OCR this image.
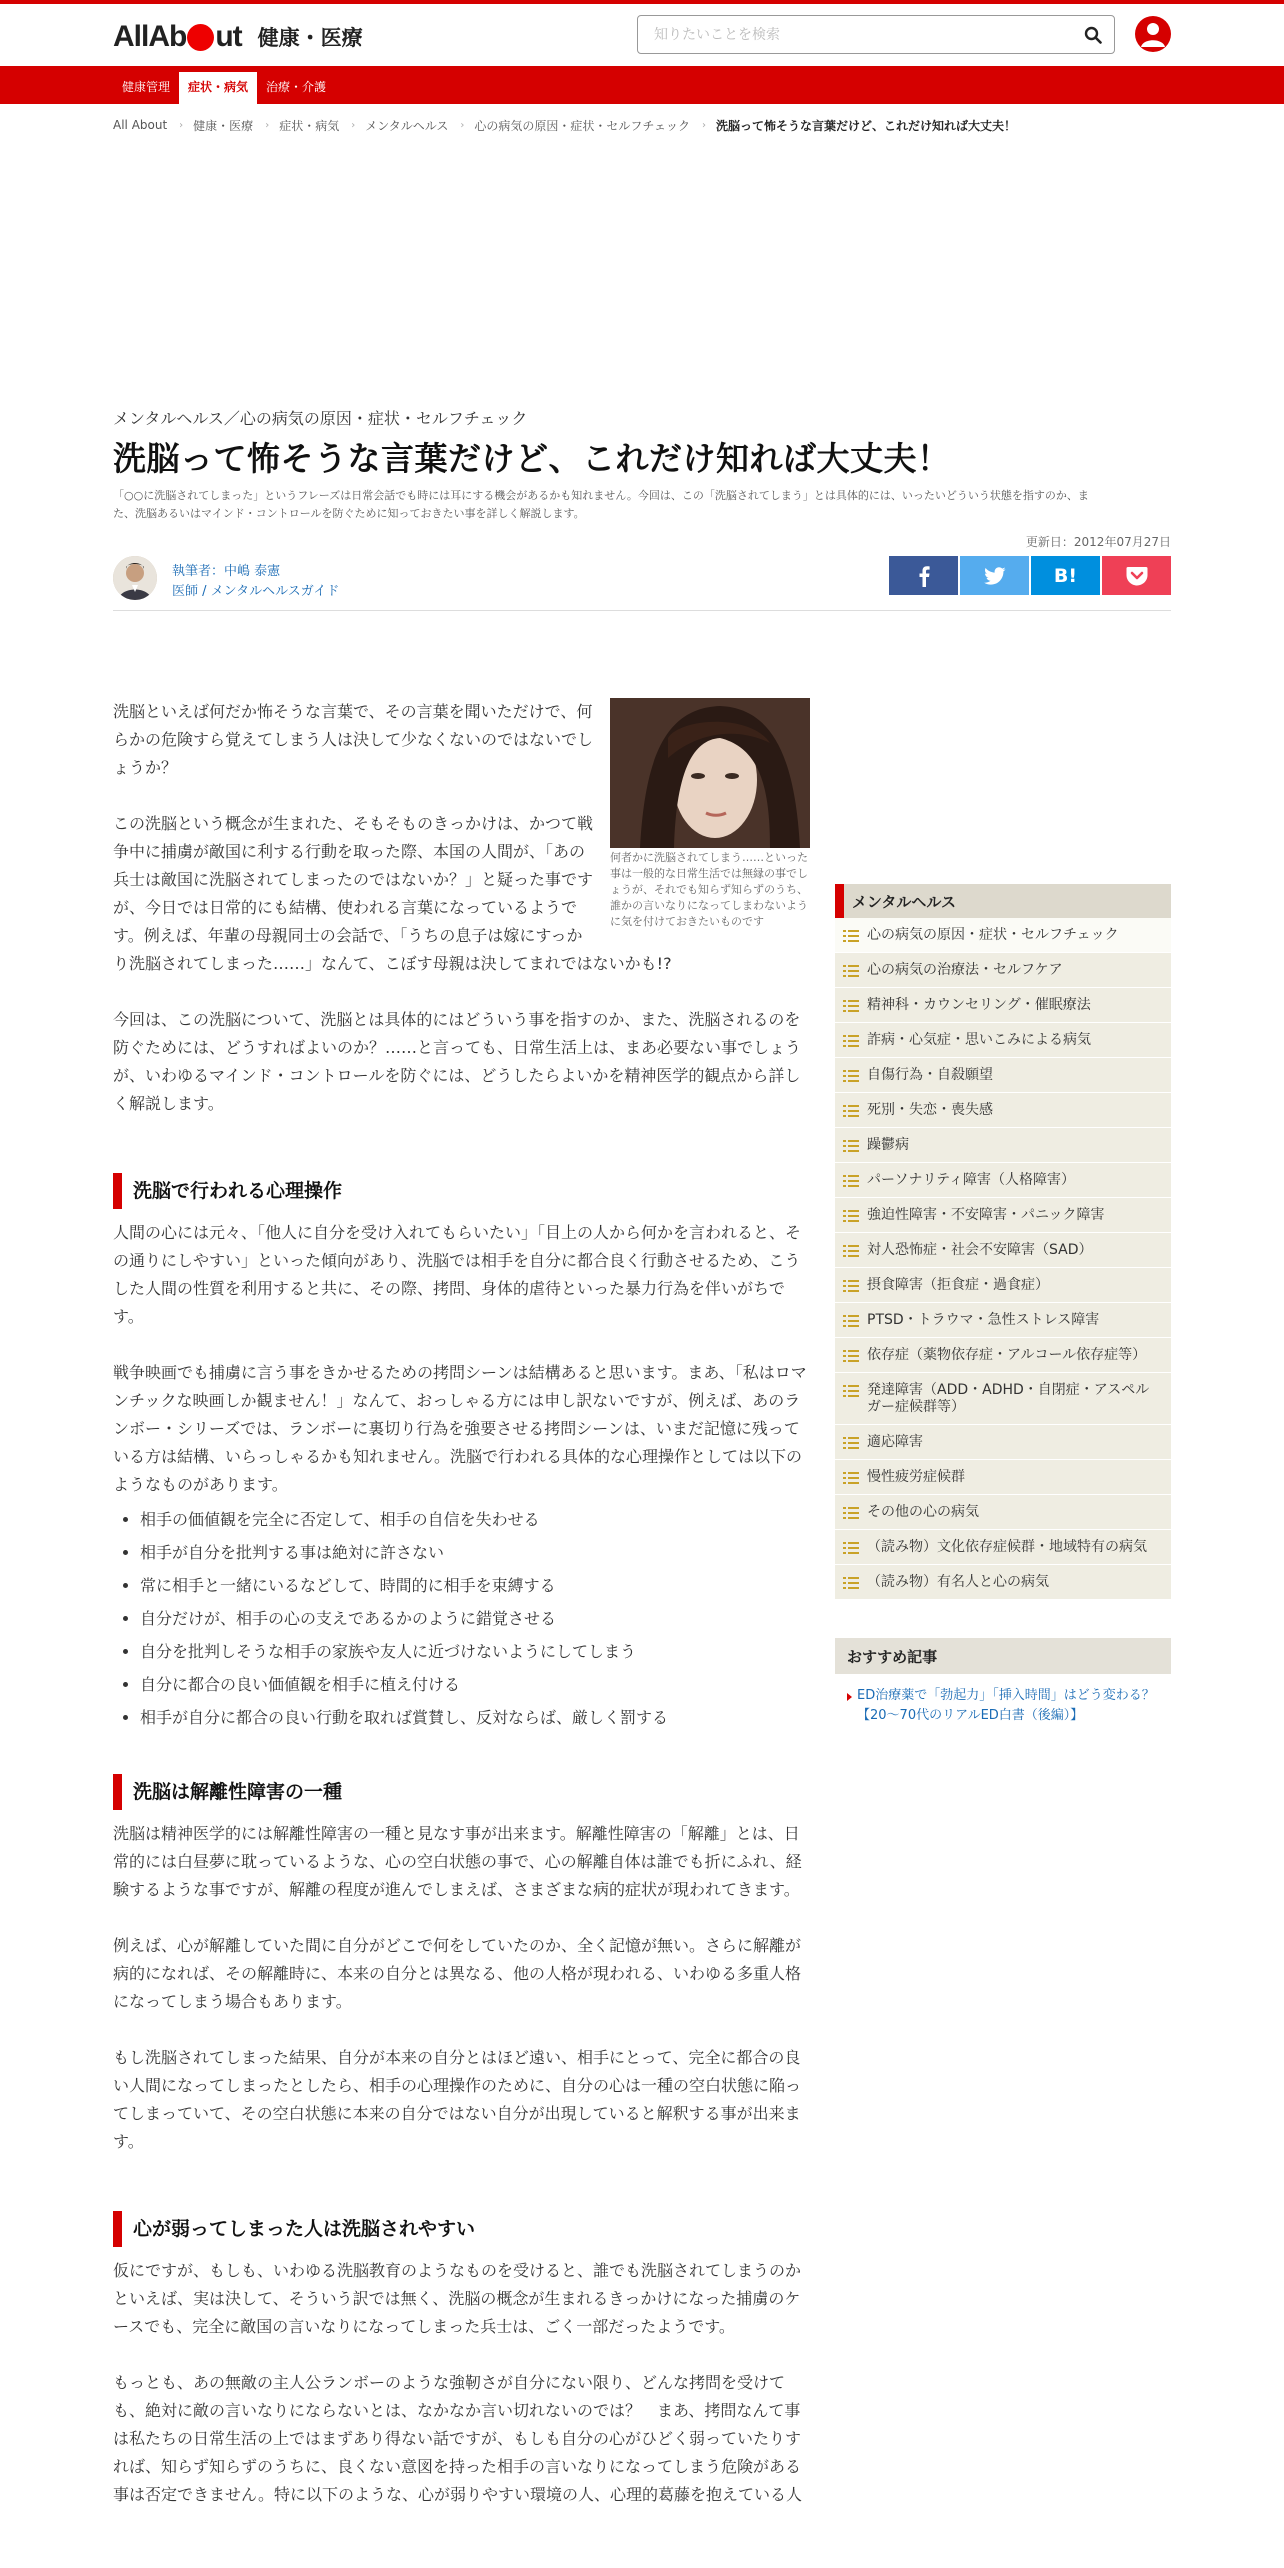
All Ab ut 健康・医療
知りたいことを検索
健康管理	症状・病気	治療・介護
All About › 健康・医療 › 症状・病気 › メンタルヘルス › 心の病気の原因・症状・セルフチェック › 洗脳って怖そうな言葉だけど、これだけ知れば大丈夫！
メンタルヘルス／心の病気の原因・症状・セルフチェック
洗脳って怖そうな言葉だけど、これだけ知れば大丈夫！
「○○に洗脳されてしまった」というフレーズは日常会話でも時には耳にする機会があるかも知れません。今回は、この「洗脳されてしまう」とは具体的には、いったいどういう状態を指すのか、ま
た、洗脳あるいはマインド・コントロールを防ぐために知っておきたい事を詳しく解説します。
更新日：2012年07月27日
執筆者：中嶋 泰憲
医師 / メンタルヘルスガイド
B!
何者かに洗脳されてしまう……といった事は一般的な日常生活では無縁の事でしょうが、それでも知らず知らずのうち、誰かの言いなりになってしまわないように気を付けておきたいものです

洗脳といえば何だか怖そうな言葉で、その言葉を聞いただけで、何らかの危険すら覚えてしまう人は決して少なくないのではないでしょうか？

この洗脳という概念が生まれた、そもそものきっかけは、かつて戦争中に捕虜が敵国に利する行動を取った際、本国の人間が、「あの兵士は敵国に洗脳されてしまったのではないか？」と疑った事ですが、今日では日常的にも結構、使われる言葉になっているようです。例えば、年輩の母親同士の会話で、「うちの息子は嫁にすっかり洗脳されてしまった……」なんて、こぼす母親は決してまれではないかも!?

今回は、この洗脳について、洗脳とは具体的にはどういう事を指すのか、また、洗脳されるのを防ぐためには、どうすればよいのか？……と言っても、日常生活上は、まあ必要ない事でしょうが、いわゆるマインド・コントロールを防ぐには、どうしたらよいかを精神医学的観点から詳しく解説します。

洗脳で行われる心理操作

人間の心には元々、「他人に自分を受け入れてもらいたい」「目上の人から何かを言われると、その通りにしやすい」といった傾向があり、洗脳では相手を自分に都合良く行動させるため、こうした人間の性質を利用すると共に、その際、拷問、身体的虐待といった暴力行為を伴いがちです。

戦争映画でも捕虜に言う事をきかせるための拷問シーンは結構あると思います。まあ、「私はロマンチックな映画しか観ません！」なんて、おっしゃる方には申し訳ないですが、例えば、あのランボー・シリーズでは、ランボーに裏切り行為を強要させる拷問シーンは、いまだ記憶に残っている方は結構、いらっしゃるかも知れません。洗脳で行われる具体的な心理操作としては以下のようなものがあります。

• 相手の価値観を完全に否定して、相手の自信を失わせる
• 相手が自分を批判する事は絶対に許さない
• 常に相手と一緒にいるなどして、時間的に相手を束縛する
• 自分だけが、相手の心の支えであるかのように錯覚させる
• 自分を批判しそうな相手の家族や友人に近づけないようにしてしまう
• 自分に都合の良い価値観を相手に植え付ける
• 相手が自分に都合の良い行動を取れば賞賛し、反対ならば、厳しく罰する
洗脳は解離性障害の一種

洗脳は精神医学的には解離性障害の一種と見なす事が出来ます。解離性障害の「解離」とは、日常的には白昼夢に耽っているような、心の空白状態の事で、心の解離自体は誰でも折にふれ、経験するような事ですが、解離の程度が進んでしまえば、さまざまな病的症状が現われてきます。

例えば、心が解離していた間に自分がどこで何をしていたのか、全く記憶が無い。さらに解離が病的になれば、その解離時に、本来の自分とは異なる、他の人格が現われる、いわゆる多重人格になってしまう場合もあります。

もし洗脳されてしまった結果、自分が本来の自分とはほど遠い、相手にとって、完全に都合の良い人間になってしまったとしたら、相手の心理操作のために、自分の心は一種の空白状態に陥ってしまっていて、その空白状態に本来の自分ではない自分が出現していると解釈する事が出来ます。

心が弱ってしまった人は洗脳されやすい

仮にですが、もしも、いわゆる洗脳教育のようなものを受けると、誰でも洗脳されてしまうのかといえば、実は決して、そういう訳では無く、洗脳の概念が生まれるきっかけになった捕虜のケースでも、完全に敵国の言いなりになってしまった兵士は、ごく一部だったようです。

もっとも、あの無敵の主人公ランボーのような強靭さが自分にない限り、どんな拷問を受けても、絶対に敵の言いなりにならないとは、なかなか言い切れないのでは？　まあ、拷問なんて事は私たちの日常生活の上ではまずあり得ない話ですが、もしも自分の心がひどく弱っていたりすれば、知らず知らずのうちに、良くない意図を持った相手の言いなりになってしまう危険がある事は否定できません。特に以下のような、心が弱りやすい環境の人、心理的葛藤を抱えている人

メンタルヘルス
心の病気の原因・症状・セルフチェック
心の病気の治療法・セルフケア
精神科・カウンセリング・催眠療法
詐病・心気症・思いこみによる病気
自傷行為・自殺願望
死別・失恋・喪失感
躁鬱病
パーソナリティ障害（人格障害）
強迫性障害・不安障害・パニック障害
対人恐怖症・社会不安障害（SAD）
摂食障害（拒食症・過食症）
PTSD・トラウマ・急性ストレス障害
依存症（薬物依存症・アルコール依存症等）
発達障害（ADD・ADHD・自閉症・アスペルガー症候群等）
適応障害
慢性疲労症候群
その他の心の病気
（読み物）文化依存症候群・地域特有の病気
（読み物）有名人と心の病気
おすすめ記事
ED治療薬で「勃起力」「挿入時間」はどう変わる？【20～70代のリアルED白書（後編）】
